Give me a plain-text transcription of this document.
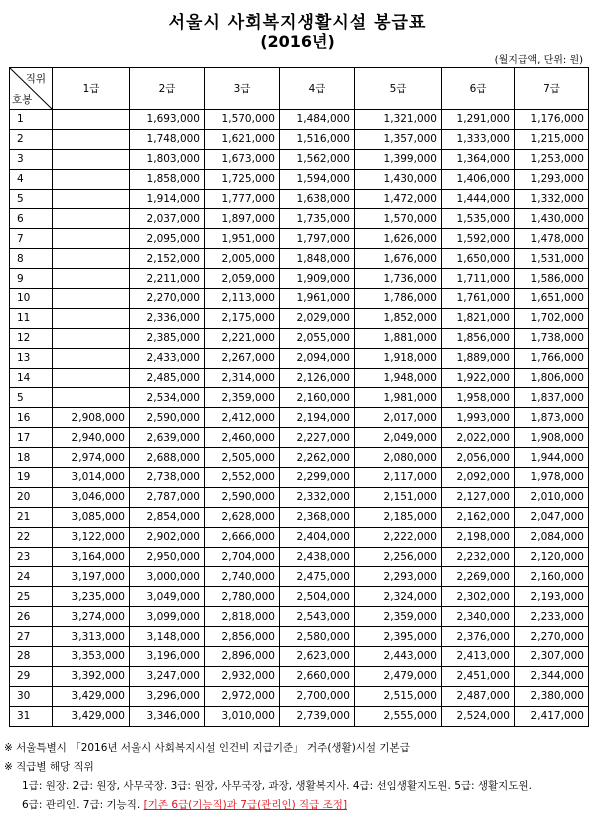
서울시 사회복지생활시설 봉급표
(2016년)
(월지급액, 단위: 원)
직위
호봉	1급	2급	3급	4급	5급	6급	7급
1		1,693,000	1,570,000	1,484,000	1,321,000	1,291,000	1,176,000
2		1,748,000	1,621,000	1,516,000	1,357,000	1,333,000	1,215,000
3		1,803,000	1,673,000	1,562,000	1,399,000	1,364,000	1,253,000
4		1,858,000	1,725,000	1,594,000	1,430,000	1,406,000	1,293,000
5		1,914,000	1,777,000	1,638,000	1,472,000	1,444,000	1,332,000
6		2,037,000	1,897,000	1,735,000	1,570,000	1,535,000	1,430,000
7		2,095,000	1,951,000	1,797,000	1,626,000	1,592,000	1,478,000
8		2,152,000	2,005,000	1,848,000	1,676,000	1,650,000	1,531,000
9		2,211,000	2,059,000	1,909,000	1,736,000	1,711,000	1,586,000
10		2,270,000	2,113,000	1,961,000	1,786,000	1,761,000	1,651,000
11		2,336,000	2,175,000	2,029,000	1,852,000	1,821,000	1,702,000
12		2,385,000	2,221,000	2,055,000	1,881,000	1,856,000	1,738,000
13		2,433,000	2,267,000	2,094,000	1,918,000	1,889,000	1,766,000
14		2,485,000	2,314,000	2,126,000	1,948,000	1,922,000	1,806,000
5		2,534,000	2,359,000	2,160,000	1,981,000	1,958,000	1,837,000
16	2,908,000	2,590,000	2,412,000	2,194,000	2,017,000	1,993,000	1,873,000
17	2,940,000	2,639,000	2,460,000	2,227,000	2,049,000	2,022,000	1,908,000
18	2,974,000	2,688,000	2,505,000	2,262,000	2,080,000	2,056,000	1,944,000
19	3,014,000	2,738,000	2,552,000	2,299,000	2,117,000	2,092,000	1,978,000
20	3,046,000	2,787,000	2,590,000	2,332,000	2,151,000	2,127,000	2,010,000
21	3,085,000	2,854,000	2,628,000	2,368,000	2,185,000	2,162,000	2,047,000
22	3,122,000	2,902,000	2,666,000	2,404,000	2,222,000	2,198,000	2,084,000
23	3,164,000	2,950,000	2,704,000	2,438,000	2,256,000	2,232,000	2,120,000
24	3,197,000	3,000,000	2,740,000	2,475,000	2,293,000	2,269,000	2,160,000
25	3,235,000	3,049,000	2,780,000	2,504,000	2,324,000	2,302,000	2,193,000
26	3,274,000	3,099,000	2,818,000	2,543,000	2,359,000	2,340,000	2,233,000
27	3,313,000	3,148,000	2,856,000	2,580,000	2,395,000	2,376,000	2,270,000
28	3,353,000	3,196,000	2,896,000	2,623,000	2,443,000	2,413,000	2,307,000
29	3,392,000	3,247,000	2,932,000	2,660,000	2,479,000	2,451,000	2,344,000
30	3,429,000	3,296,000	2,972,000	2,700,000	2,515,000	2,487,000	2,380,000
31	3,429,000	3,346,000	3,010,000	2,739,000	2,555,000	2,524,000	2,417,000
※ 서울특별시 「2016년 서울시 사회복지시설 인건비 지급기준」 거주(생활)시설 기본급
※ 직급별 해당 직위
1급: 원장. 2급: 원장, 사무국장. 3급: 원장, 사무국장, 과장, 생활복지사. 4급: 선임생활지도원. 5급: 생활지도원.
6급: 관리인. 7급: 기능직. [기존 6급(기능직)과 7급(관리인) 직급 조정]
